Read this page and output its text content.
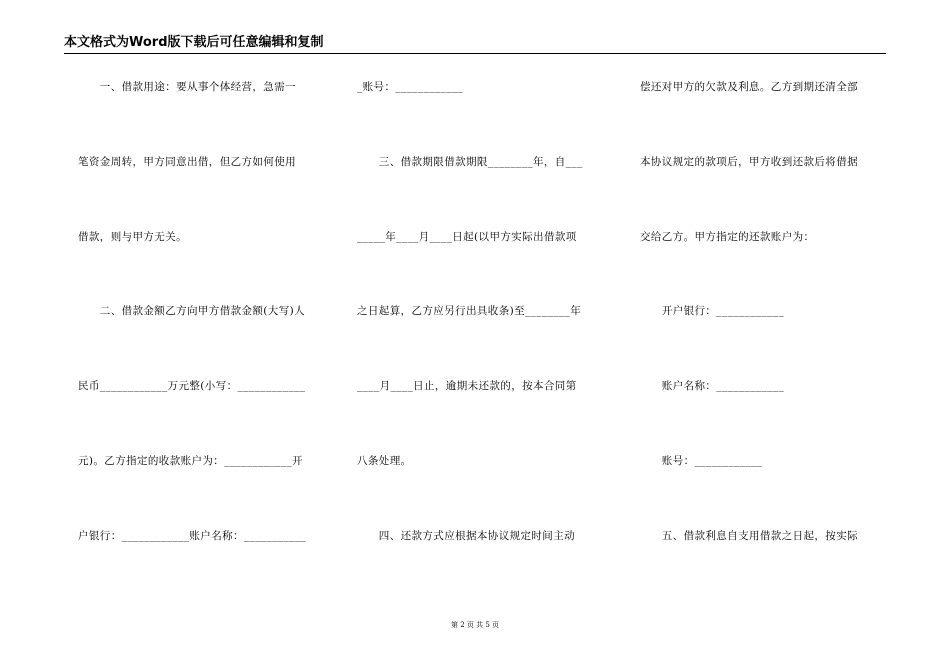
本文格式为Word版下载后可任意编辑和复制
　　一、借款用途：要从事个体经营，急需一
笔资金周转，甲方同意出借，但乙方如何使用
借款，则与甲方无关。
　　二、借款金额乙方向甲方借款金额(大写)人
民币____________万元整(小写：____________
元)。乙方指定的收款账户为：____________开
户银行：____________账户名称：___________
_账号：____________
　　三、借款期限借款期限________年，自___
_____年____月____日起(以甲方实际出借款项
之日起算，乙方应另行出具收条)至________年
____月____日止，逾期未还款的，按本合同第
八条处理。
　　四、还款方式应根据本协议规定时间主动
偿还对甲方的欠款及利息。乙方到期还清全部
本协议规定的款项后，甲方收到还款后将借据
交给乙方。甲方指定的还款账户为：
　　开户银行：____________
　　账户名称：____________
　　账号：____________
　　五、借款利息自支用借款之日起，按实际
第 2 页 共 5 页
